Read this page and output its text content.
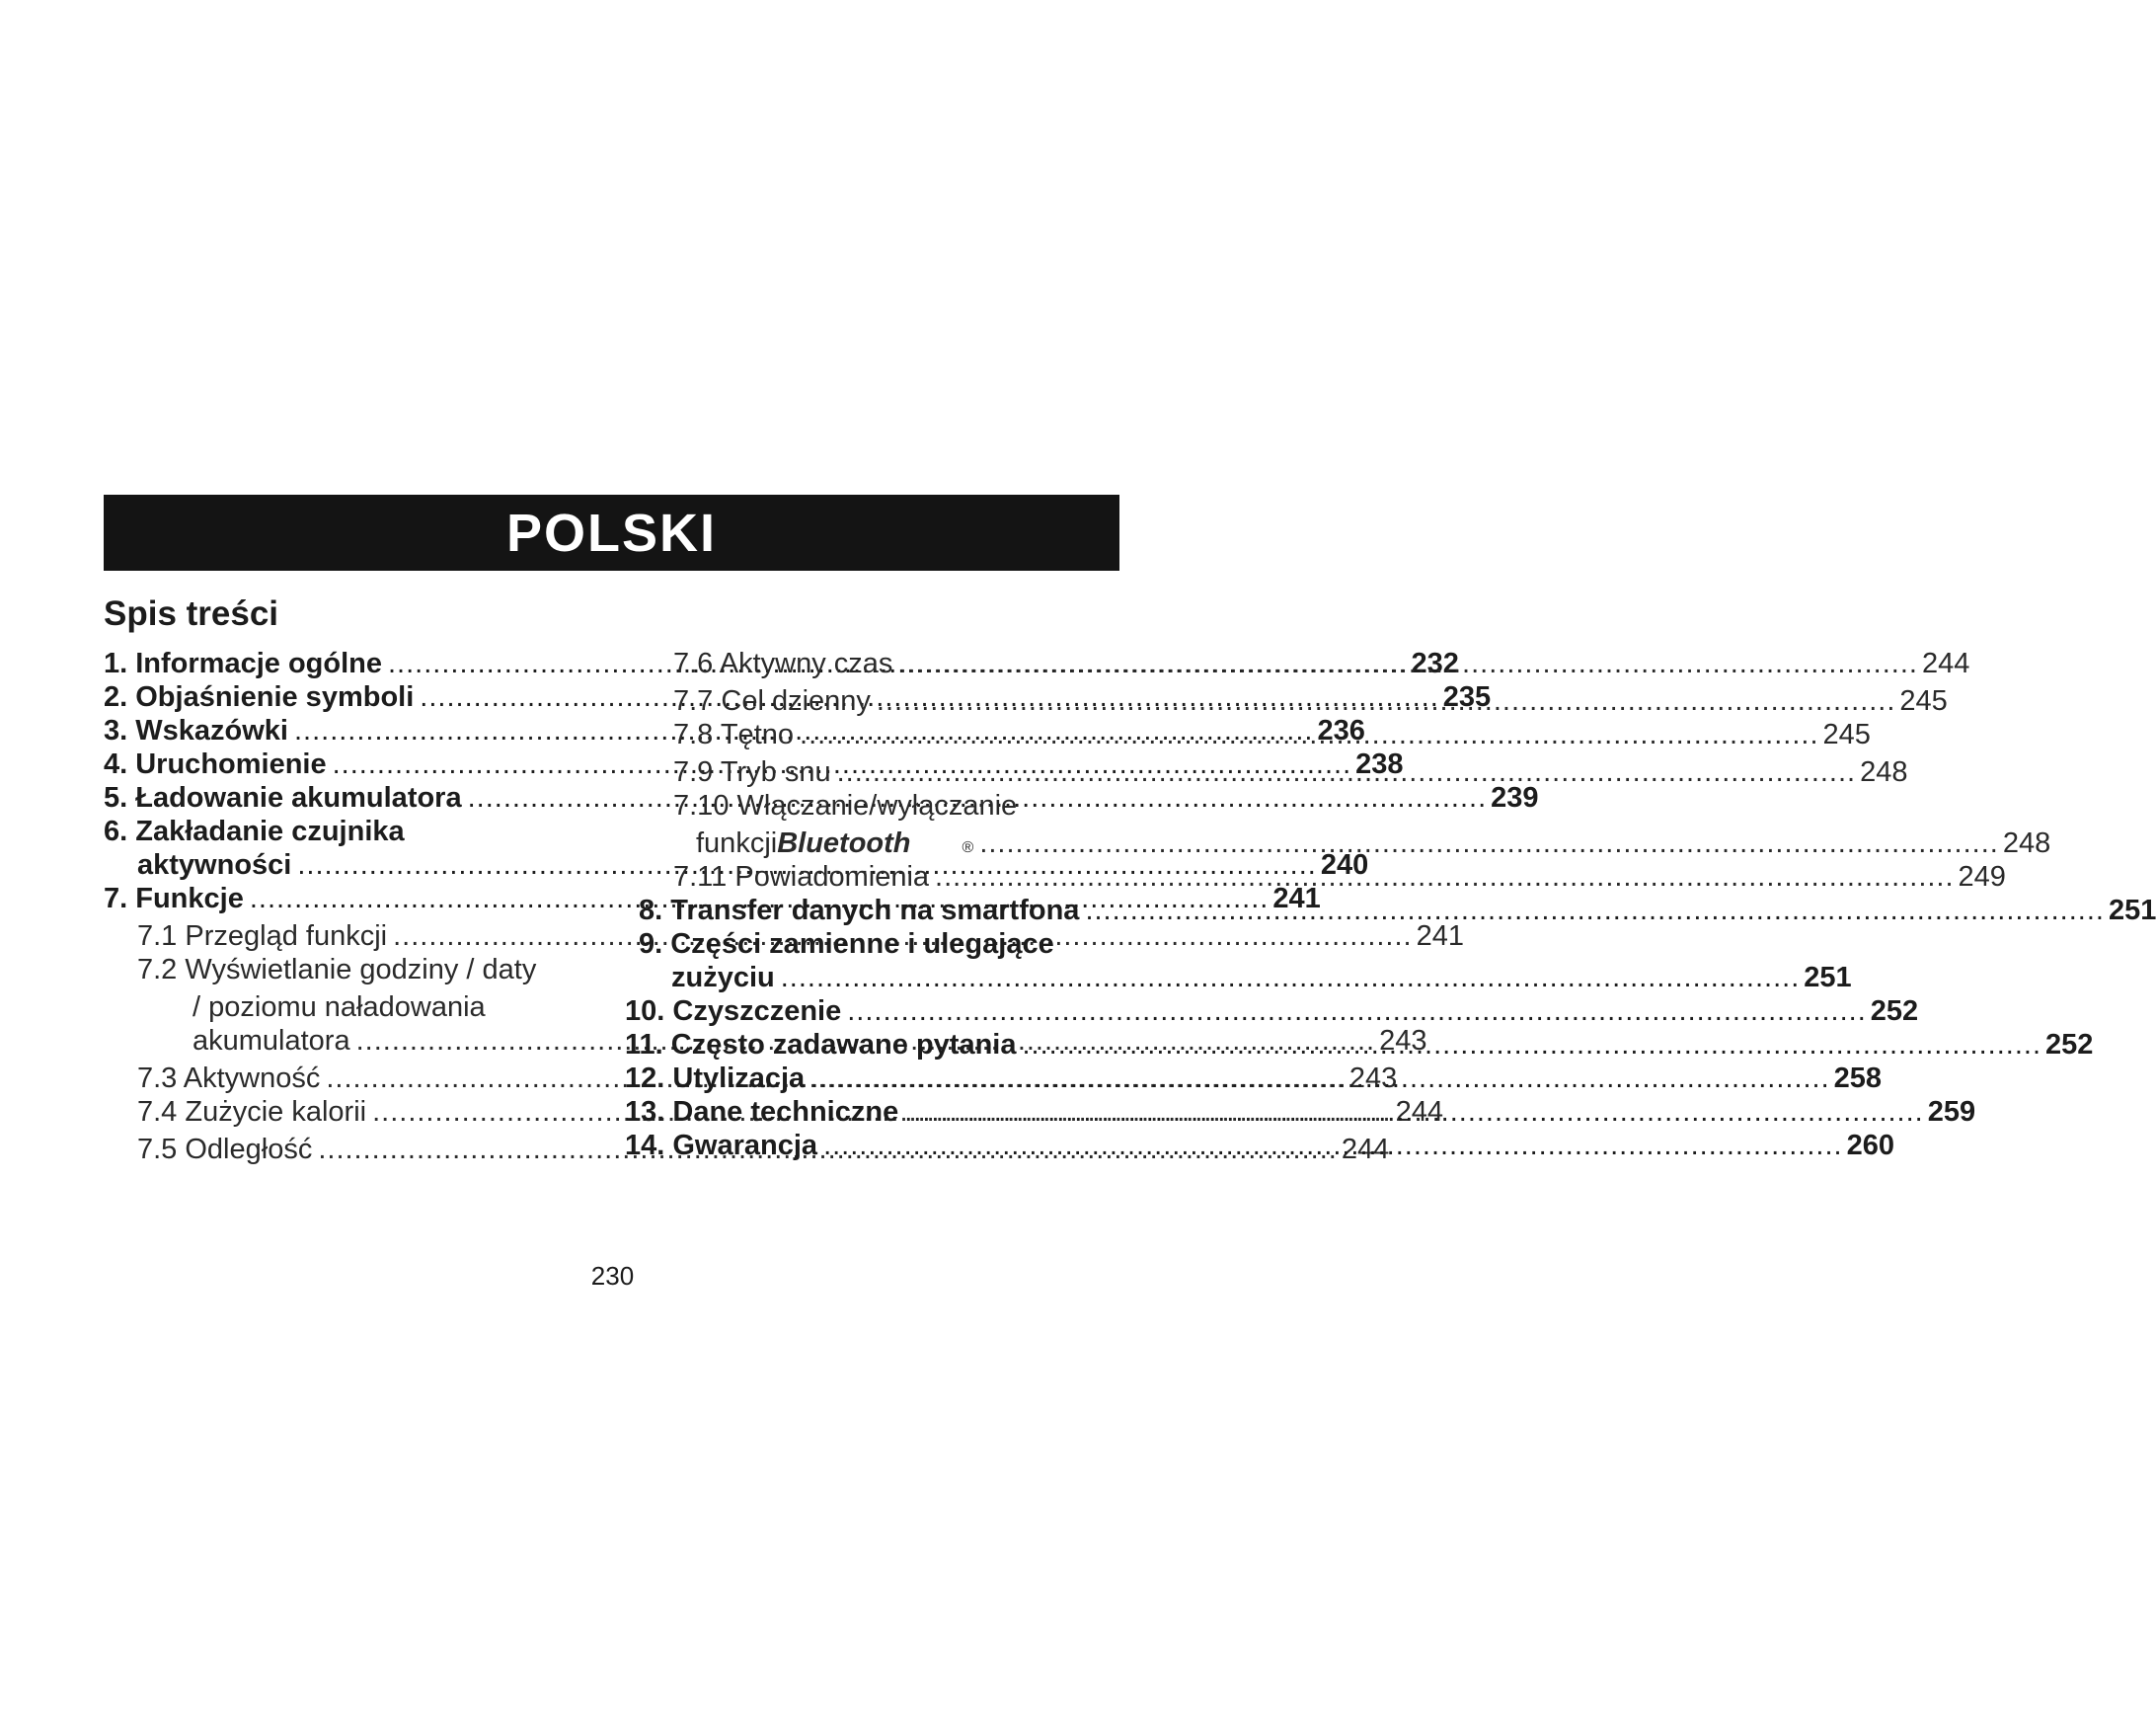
POLSKI
Spis treści
1. Informacje ogólne .....	232
2. Objaśnienie symboli .....	235
3. Wskazówki .....	236
4. Uruchomienie .....	238
5. Ładowanie akumulatora .....	239
6. Zakładanie czujnika
aktywności .....	240
7. Funkcje .....	241
7.1 Przegląd funkcji .....	241
7.2 Wyświetlanie godziny / daty
/ poziomu naładowania
akumulatora .....	243
7.3 Aktywność .....	243
7.4 Zużycie kalorii .....	244
7.5 Odległość .....	244
7.6 Aktywny czas .....	244
7.7 Cel dzienny .....	245
7.8 Tętno .....	245
7.9 Tryb snu .....	248
7.10 Włączanie/wyłączanie
funkcji Bluetooth	® .....	248
7.11 Powiadomienia .....	249
8. Transfer danych na smartfona .....	251
9. Części zamienne i ulegające
zużyciu .....	251
10. Czyszczenie .....	252
11. Często zadawane pytania .....	252
12. Utylizacja .....	258
13. Dane techniczne .....	259
14. Gwarancja .....	260
230
